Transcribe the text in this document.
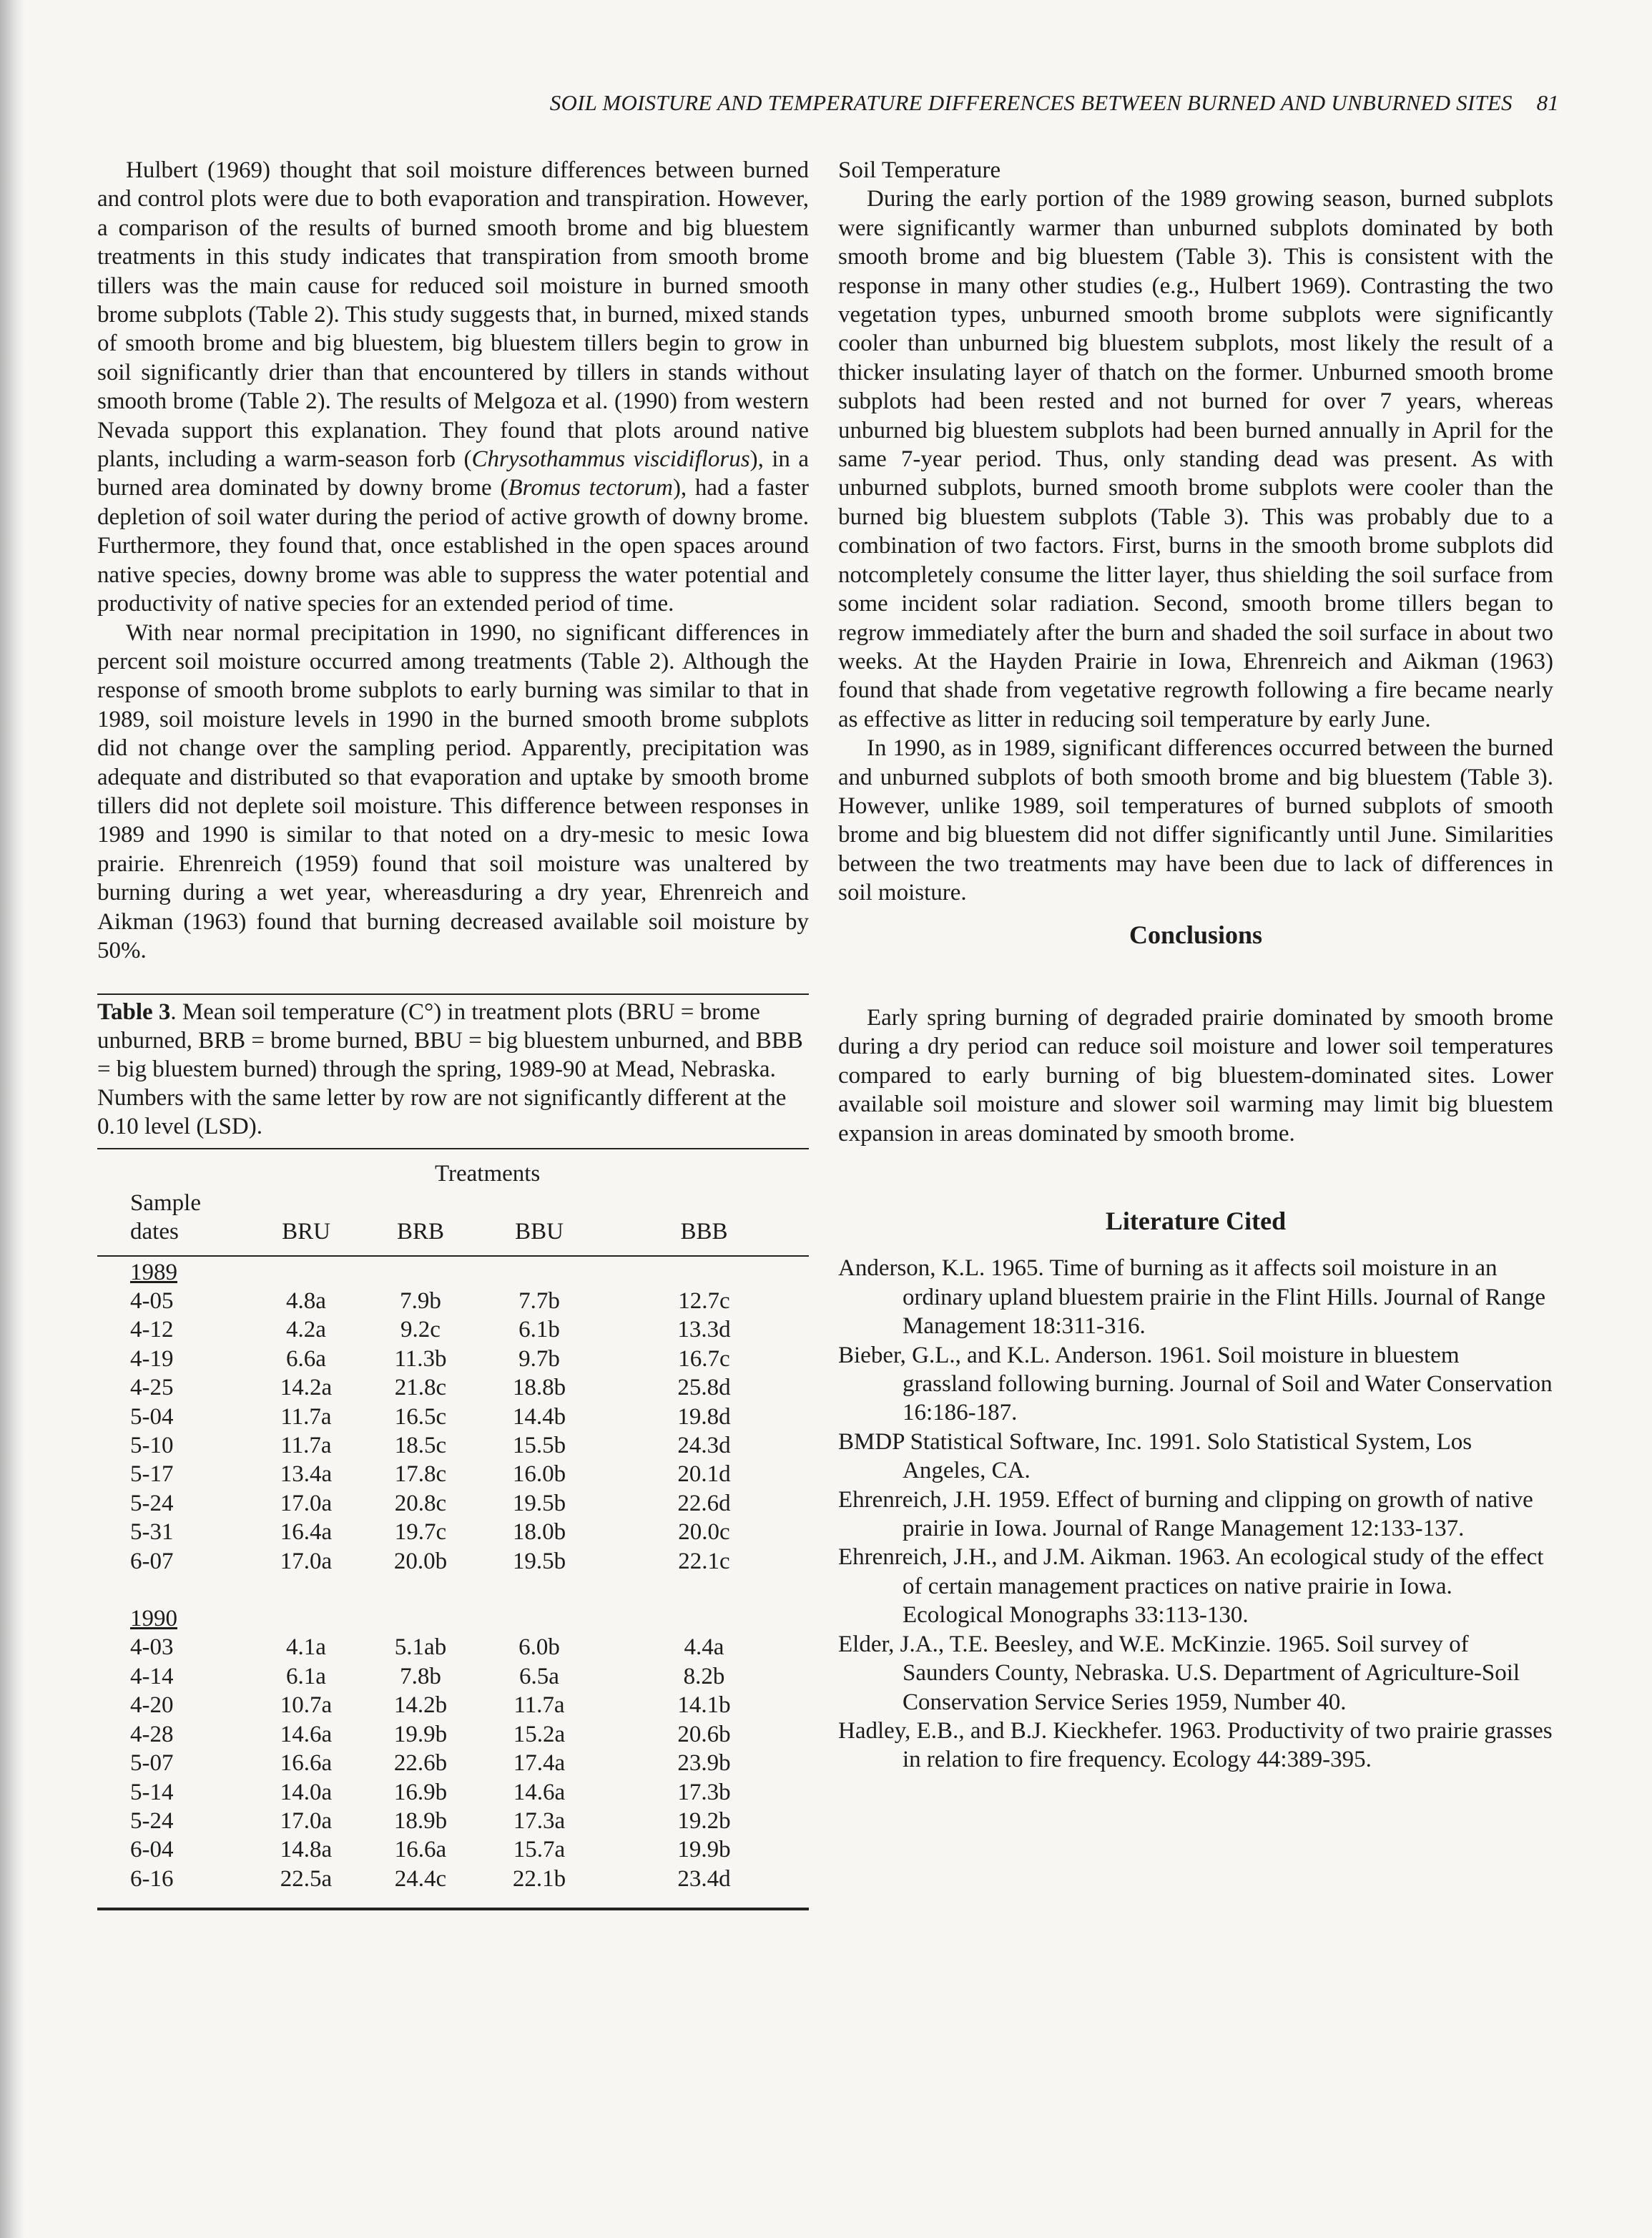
SOIL MOISTURE AND TEMPERATURE DIFFERENCES BETWEEN BURNED AND UNBURNED SITES 81

Hulbert (1969) thought that soil moisture differences between burned and control plots were due to both evaporation and transpiration. However, a comparison of the results of burned smooth brome and big bluestem treatments in this study indicates that transpiration from smooth brome tillers was the main cause for reduced soil moisture in burned smooth brome subplots (Table 2). This study suggests that, in burned, mixed stands of smooth brome and big bluestem, big bluestem tillers begin to grow in soil significantly drier than that encountered by tillers in stands without smooth brome (Table 2). The results of Melgoza et al. (1990) from western Nevada support this explanation. They found that plots around native plants, including a warm-season forb (Chrysothammus viscidiflorus), in a burned area dominated by downy brome (Bromus tectorum), had a faster depletion of soil water during the period of active growth of downy brome. Furthermore, they found that, once established in the open spaces around native species, downy brome was able to suppress the water potential and productivity of native species for an extended period of time.

With near normal precipitation in 1990, no significant differences in percent soil moisture occurred among treatments (Table 2). Although the response of smooth brome subplots to early burning was similar to that in 1989, soil moisture levels in 1990 in the burned smooth brome subplots did not change over the sampling period. Apparently, precipitation was adequate and distributed so that evaporation and uptake by smooth brome tillers did not deplete soil moisture. This difference between responses in 1989 and 1990 is similar to that noted on a dry-mesic to mesic Iowa prairie. Ehrenreich (1959) found that soil moisture was unaltered by burning during a wet year, whereasduring a dry year, Ehrenreich and Aikman (1963) found that burning decreased available soil moisture by 50%.

Table 3. Mean soil temperature (C°) in treatment plots (BRU = brome unburned, BRB = brome burned, BBU = big bluestem unburned, and BBB = big bluestem burned) through the spring, 1989-90 at Mead, Nebraska. Numbers with the same letter by row are not significantly different at the 0.10 level (LSD).

	Treatments			
Sample				
dates	BRU	BRB	BBU	BBB

1989				
4-05	4.8a	7.9b	7.7b	12.7c
4-12	4.2a	9.2c	6.1b	13.3d
4-19	6.6a	11.3b	9.7b	16.7c
4-25	14.2a	21.8c	18.8b	25.8d
5-04	11.7a	16.5c	14.4b	19.8d
5-10	11.7a	18.5c	15.5b	24.3d
5-17	13.4a	17.8c	16.0b	20.1d
5-24	17.0a	20.8c	19.5b	22.6d
5-31	16.4a	19.7c	18.0b	20.0c
6-07	17.0a	20.0b	19.5b	22.1c

1990				
4-03	4.1a	5.1ab	6.0b	4.4a
4-14	6.1a	7.8b	6.5a	8.2b
4-20	10.7a	14.2b	11.7a	14.1b
4-28	14.6a	19.9b	15.2a	20.6b
5-07	16.6a	22.6b	17.4a	23.9b
5-14	14.0a	16.9b	14.6a	17.3b
5-24	17.0a	18.9b	17.3a	19.2b
6-04	14.8a	16.6a	15.7a	19.9b
6-16	22.5a	24.4c	22.1b	23.4d

Soil Temperature

During the early portion of the 1989 growing season, burned subplots were significantly warmer than unburned subplots dominated by both smooth brome and big bluestem (Table 3). This is consistent with the response in many other studies (e.g., Hulbert 1969). Contrasting the two vegetation types, unburned smooth brome subplots were significantly cooler than unburned big bluestem subplots, most likely the result of a thicker insulating layer of thatch on the former. Unburned smooth brome subplots had been rested and not burned for over 7 years, whereas unburned big bluestem subplots had been burned annually in April for the same 7-year period. Thus, only standing dead was present. As with unburned subplots, burned smooth brome subplots were cooler than the burned big bluestem subplots (Table 3). This was probably due to a combination of two factors. First, burns in the smooth brome subplots did notcompletely consume the litter layer, thus shielding the soil surface from some incident solar radiation. Second, smooth brome tillers began to regrow immediately after the burn and shaded the soil surface in about two weeks. At the Hayden Prairie in Iowa, Ehrenreich and Aikman (1963) found that shade from vegetative regrowth following a fire became nearly as effective as litter in reducing soil temperature by early June.

In 1990, as in 1989, significant differences occurred between the burned and unburned subplots of both smooth brome and big bluestem (Table 3). However, unlike 1989, soil temperatures of burned subplots of smooth brome and big bluestem did not differ significantly until June. Similarities between the two treatments may have been due to lack of differences in soil moisture.

Conclusions

Early spring burning of degraded prairie dominated by smooth brome during a dry period can reduce soil moisture and lower soil temperatures compared to early burning of big bluestem-dominated sites. Lower available soil moisture and slower soil warming may limit big bluestem expansion in areas dominated by smooth brome.

Literature Cited

Anderson, K.L. 1965. Time of burning as it affects soil moisture in an ordinary upland bluestem prairie in the Flint Hills. Journal of Range Management 18:311-316.

Bieber, G.L., and K.L. Anderson. 1961. Soil moisture in bluestem grassland following burning. Journal of Soil and Water Conservation 16:186-187.

BMDP Statistical Software, Inc. 1991. Solo Statistical System, Los Angeles, CA.

Ehrenreich, J.H. 1959. Effect of burning and clipping on growth of native prairie in Iowa. Journal of Range Management 12:133-137.

Ehrenreich, J.H., and J.M. Aikman. 1963. An ecological study of the effect of certain management practices on native prairie in Iowa. Ecological Monographs 33:113-130.

Elder, J.A., T.E. Beesley, and W.E. McKinzie. 1965. Soil survey of Saunders County, Nebraska. U.S. Department of Agriculture-Soil Conservation Service Series 1959, Number 40.

Hadley, E.B., and B.J. Kieckhefer. 1963. Productivity of two prairie grasses in relation to fire frequency. Ecology 44:389-395.
